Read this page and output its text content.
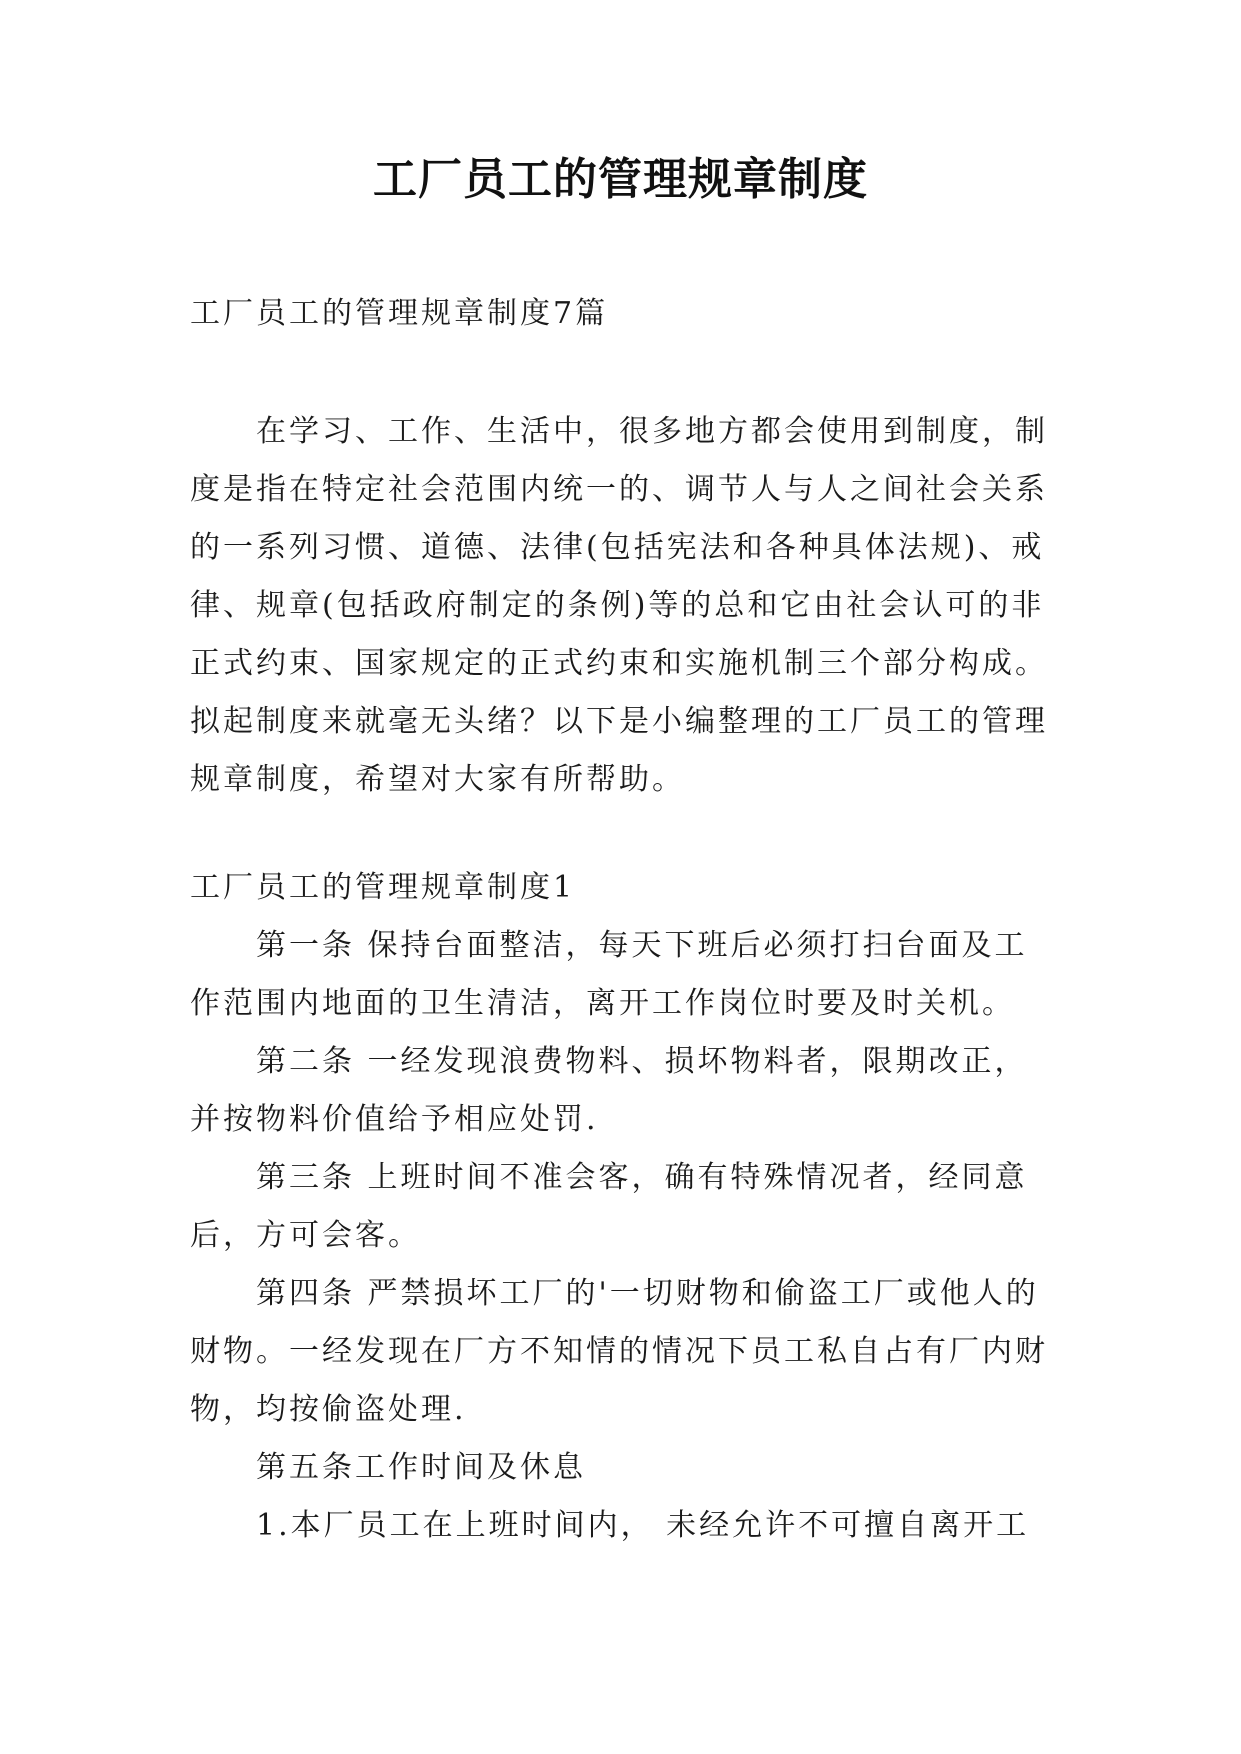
工厂员工的管理规章制度

工厂员工的管理规章制度7篇

在学习、工作、生活中，很多地方都会使用到制度，制度是指在特定社会范围内统一的、调节人与人之间社会关系的一系列习惯、道德、法律(包括宪法和各种具体法规)、戒律、规章(包括政府制定的条例)等的总和它由社会认可的非正式约束、国家规定的正式约束和实施机制三个部分构成。拟起制度来就毫无头绪？以下是小编整理的工厂员工的管理规章制度，希望对大家有所帮助。

工厂员工的管理规章制度1

第一条 保持台面整洁，每天下班后必须打扫台面及工作范围内地面的卫生清洁，离开工作岗位时要及时关机。

第二条 一经发现浪费物料、损坏物料者，限期改正，并按物料价值给予相应处罚.

第三条 上班时间不准会客，确有特殊情况者，经同意后，方可会客。

第四条 严禁损坏工厂的'一切财物和偷盗工厂或他人的财物。一经发现在厂方不知情的情况下员工私自占有厂内财物，均按偷盗处理.

第五条工作时间及休息

1.本厂员工在上班时间内， 未经允许不可擅自离开工
